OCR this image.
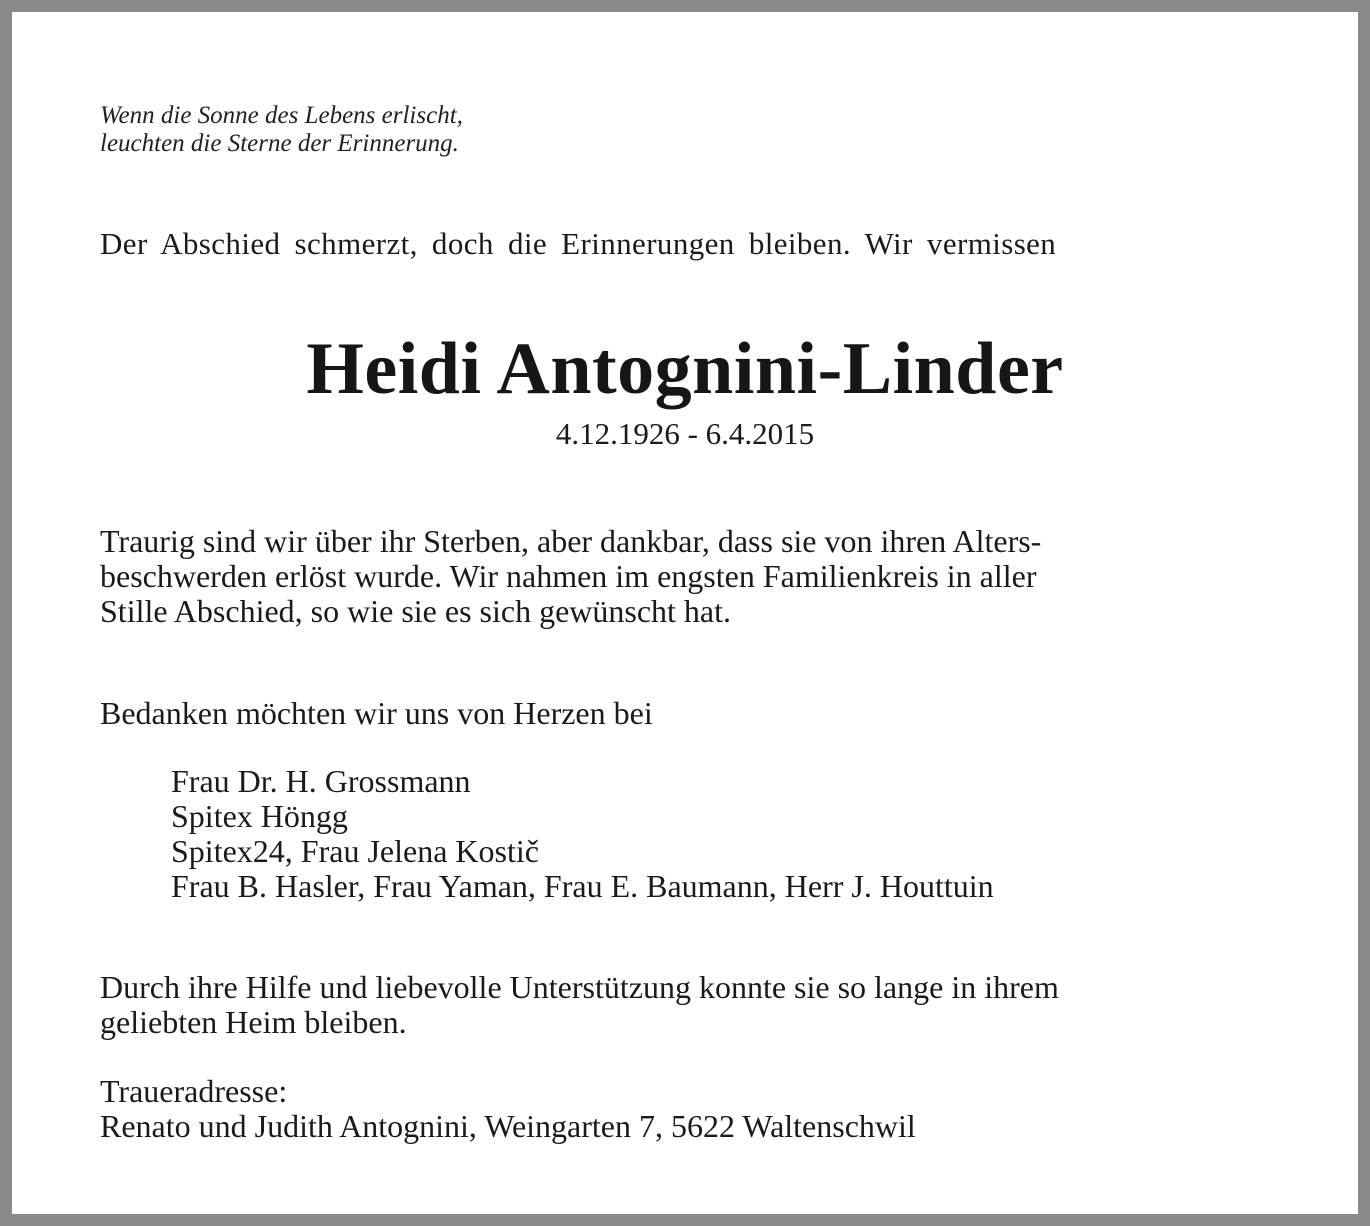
Wenn die Sonne des Lebens erlischt,
leuchten die Sterne der Erinnerung.
Der Abschied schmerzt, doch die Erinnerungen bleiben. Wir vermissen
Heidi Antognini-Linder
4.12.1926 - 6.4.2015
Traurig sind wir über ihr Sterben, aber dankbar, dass sie von ihren Alters-
beschwerden erlöst wurde. Wir nahmen im engsten Familienkreis in aller
Stille Abschied, so wie sie es sich gewünscht hat.
Bedanken möchten wir uns von Herzen bei
Frau Dr. H. Grossmann
Spitex Höngg
Spitex24, Frau Jelena Kostič
Frau B. Hasler, Frau Yaman, Frau E. Baumann, Herr J. Houttuin
Durch ihre Hilfe und liebevolle Unterstützung konnte sie so lange in ihrem
geliebten Heim bleiben.
Traueradresse:
Renato und Judith Antognini, Weingarten 7, 5622 Waltenschwil
